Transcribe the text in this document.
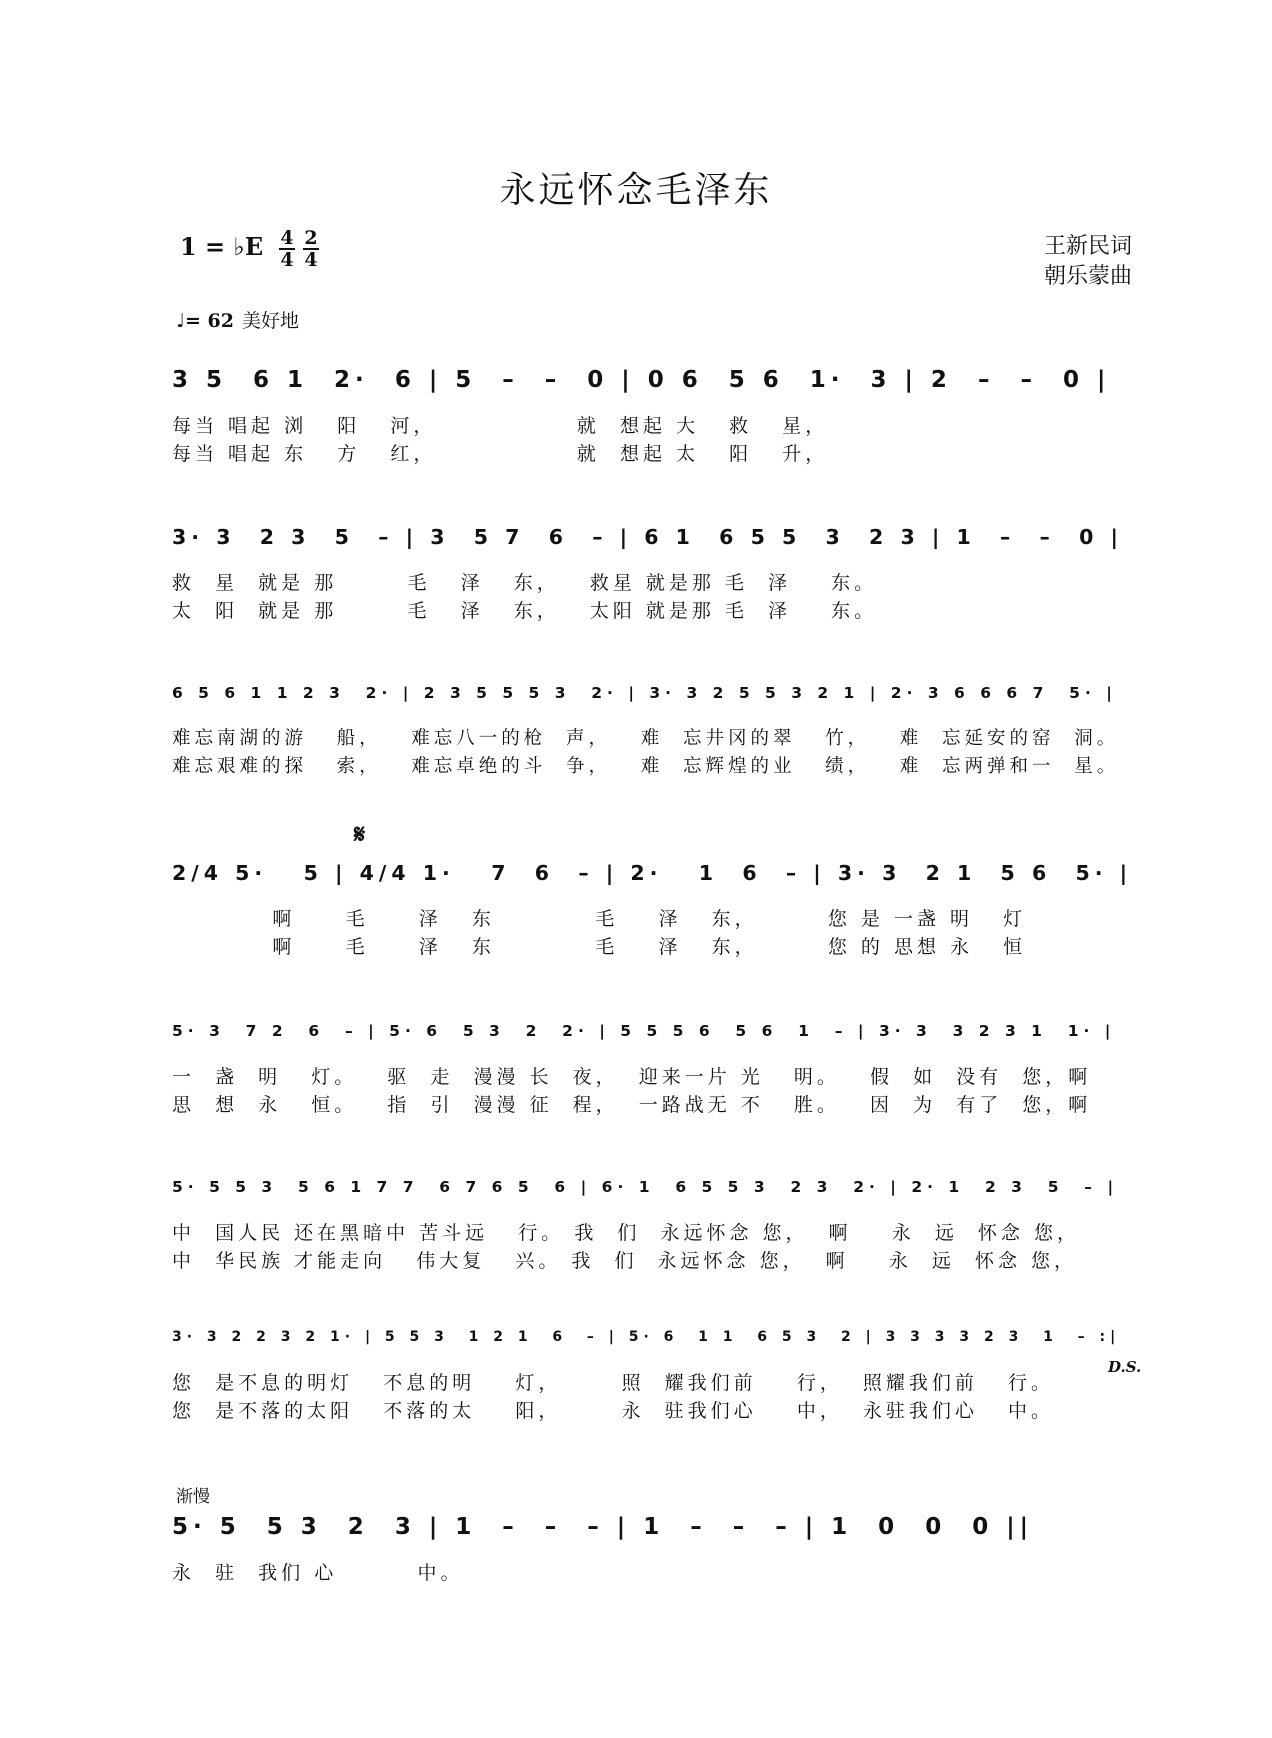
永远怀念毛泽东
1 = ♭E 4
4
2
4
王新民词
朝乐蒙曲
♩= 62 美好地
3 5  6 1  2·  6 | 5  –  –  0 | 0 6  5 6  1·  3 | 2  –  –  0 |
每当 唱起 浏   阳   河，              就  想起 大   救   星，
每当 唱起 东   方   红，              就  想起 太   阳   升，
3· 3  2 3  5  – | 3  5 7  6  – | 6 1  6 5 5  3  2 3 | 1  –  –  0 |
救  星  就是 那       毛   泽   东，   救星 就是那 毛  泽    东。
太  阳  就是 那       毛   泽   东，   太阳 就是那 毛  泽    东。
6 5 6 1 1 2 3  2· | 2 3 5 5 5 3  2· | 3· 3 2 5 5 3 2 1 | 2· 3 6 6 6 7  5· |
难忘南湖的游   船，   难忘八一的枪  声，   难  忘井冈的翠   竹，   难  忘延安的窑  洞。
难忘艰难的探   索，   难忘卓绝的斗  争，   难  忘辉煌的业   绩，   难  忘两弹和一  星。
𝄋
2/4 5·   5 | 4/4 1·   7  6  – | 2·   1  6  – | 3· 3  2 1  5 6  5· |
啊     毛     泽   东          毛    泽   东，       您 是 一盏 明   灯
啊     毛     泽   东          毛    泽   东，       您 的 思想 永   恒
5· 3  7 2  6  – | 5· 6  5 3  2  2· | 5 5 5 6  5 6  1  – | 3· 3  3 2 3 1  1· |
一  盏  明   灯。   驱  走  漫漫 长  夜，  迎来一片 光   明。   假  如  没有  您，啊
思  想  永   恒。   指  引  漫漫 征  程，  一路战无 不   胜。   因  为  有了  您，啊
5· 5 5 3  5 6 1 7 7  6 7 6 5  6 | 6· 1  6 5 5 3  2 3  2· | 2· 1  2 3  5  – |
中  国人民 还在黑暗中 苦斗远   行。 我  们  永远怀念 您，  啊    永  远  怀念 您，
中  华民族 才能走向   伟大复   兴。 我  们  永远怀念 您，  啊    永  远  怀念 您，
3· 3 2 2 3 2 1· | 5 5 3  1 2 1  6  – | 5· 6  1 1  6 5 3  2 | 3 3 3 3 2 3  1  – :|
您  是不息的明灯   不息的明    灯，      照  耀我们前    行，  照耀我们前   行。
您  是不落的太阳   不落的太    阳，      永  驻我们心    中，  永驻我们心   中。
D.S.
渐慢
5· 5  5 3  2  3 | 1  –  –  – | 1  –  –  – | 1  0  0  0 ||
永  驻  我们 心        中。
